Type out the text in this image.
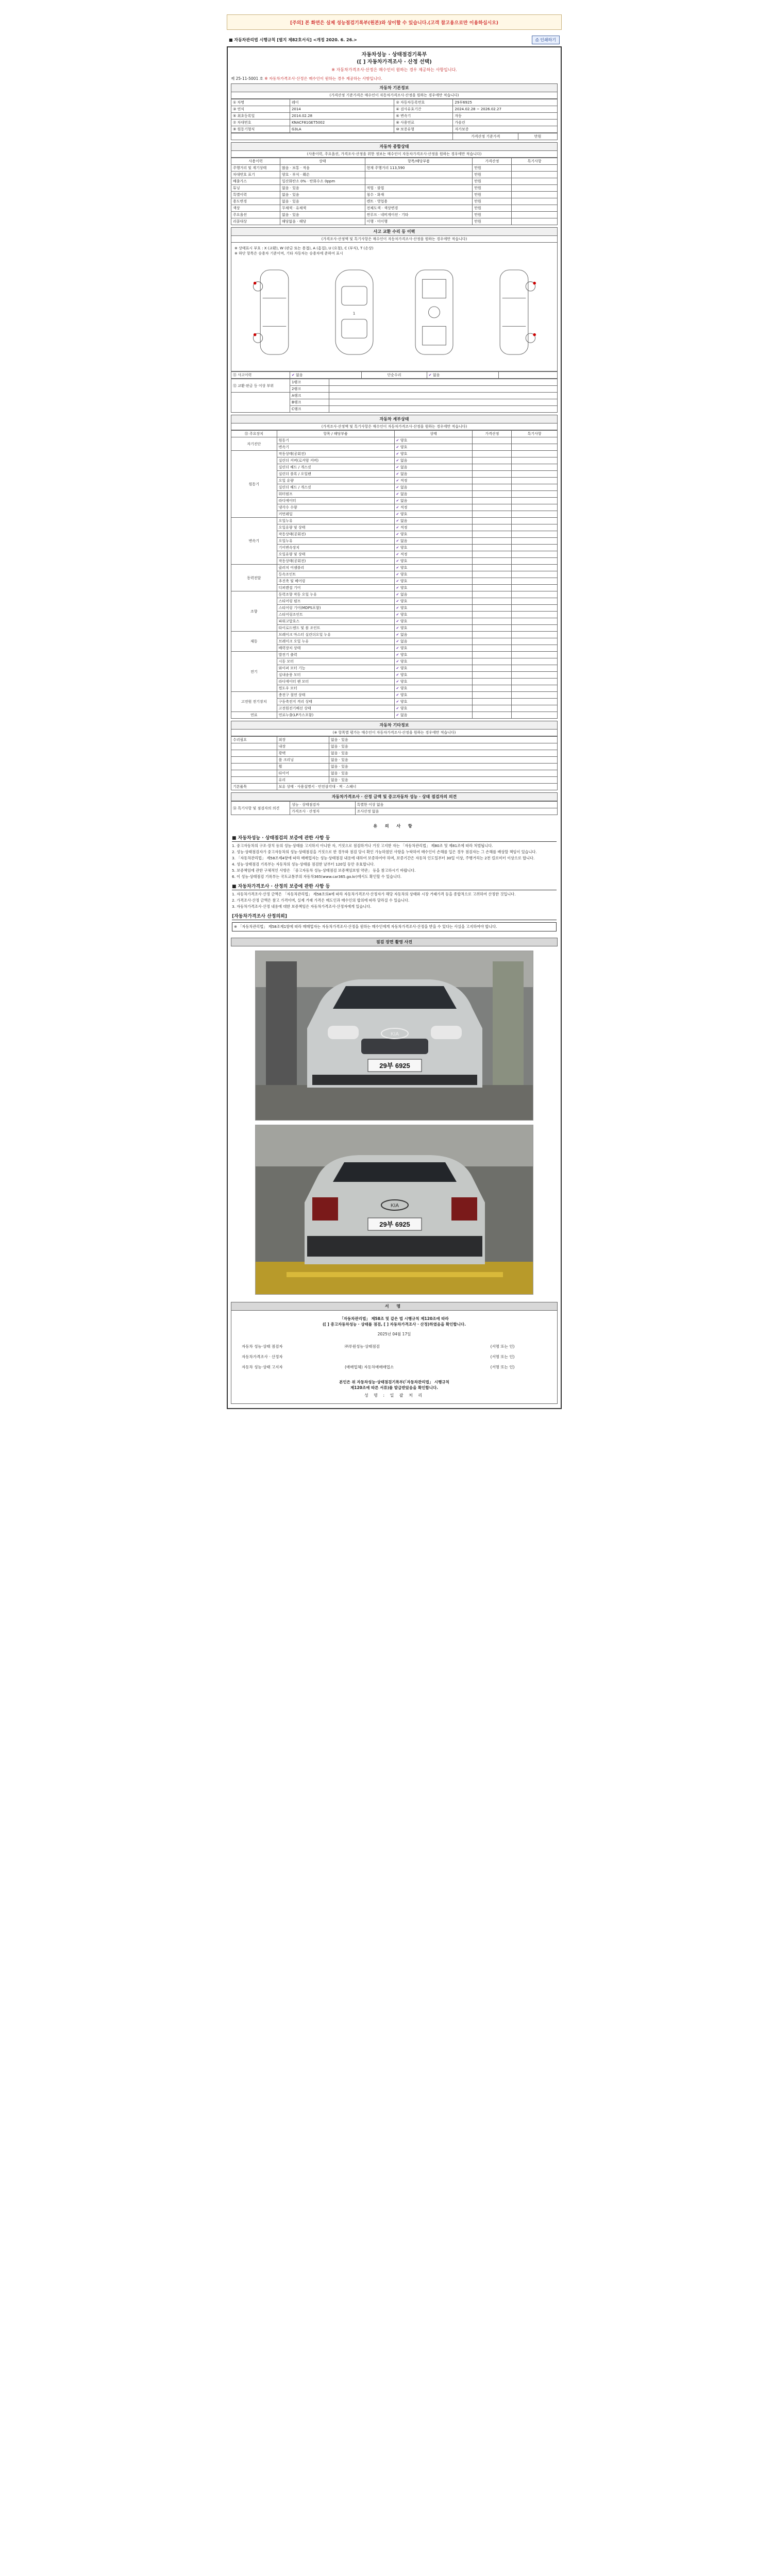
[주의] 본 화면은 실제 성능점검기록부(원본)와 상이할 수 있습니다.(고객 참고용으로만 이용하십시오)
■ 자동차관리법 시행규칙 [별지 제82호서식] <개정 2020. 6. 26.>	⎙ 인쇄하기
자동차성능 · 상태점검기록부
([ ] 자동차가격조사 · 산정 선택)
※ 자동차가격조사·산정은 매수인이 원하는 경우 제공하는 사항입니다.
제 25-11-5001 호 ※ 자동차가격조사·산정은 매수인이 원하는 경우 제공하는 사항입니다.
자동차 기본정보
(가격산정 기준가격은 매수인이 자동차가격조사·산정을 원하는 경우에만 적습니다)
① 차명	레이	② 자동차등록번호	29부6925
③ 연식	2014	④ 검사유효기간	2024.02.28 ~ 2026.02.27
⑤ 최초등록일	2014.02.28	⑥ 변속기	자동
⑦ 차대번호	KNACF81GET5002	⑧ 사용연료	가솔린
⑨ 원동기형식	G3LA	⑩ 보증유형	자가보증
	가격산정 기준가격	만원
자동차 종합상태
(사용이력, 주요옵션, 가격조사·산정을 위한 정보는 매수인이 자동차가격조사·산정을 원하는 경우에만 적습니다)
사용이력	상태	항목/해당부품	가격산정	특기사항
주행거리 및 계기상태	많음 · 보통 · 적음	현재 주행거리 113,590	만원	
차대번호 표기	양호 · 부식 · 훼손		만원	
배출가스	일산화탄소 0% · 탄화수소 0ppm		만원	
튜닝	없음 · 있음	적법 · 불법	만원	
특별이력	없음 · 있음	침수 · 화재	만원	
용도변경	없음 · 있음	렌트 · 영업용	만원	
색상	무채색 · 유채색	전체도색 · 색상변경	만원	
주요옵션	없음 · 있음	썬루프 · 네비게이션 · 기타	만원	
리콜대상	해당없음 · 해당	이행 · 미이행	만원	
사고 교환 수리 등 이력
(가격조사·산정액 및 특기사항은 매수인이 자동차가격조사·산정을 원하는 경우에만 적습니다)
※ 상태표시 부호 : X (교환), W (판금 또는 용접), A (흠집), U (요철), C (부식), T (손상)
※ 하단 항목은 승용차 기준이며, 기타 자동차는 승용차에 준하여 표시
●
●
1
●
●
⑪ 사고이력	✔ 없음	단순수리	✔ 없음	
⑫ 교환·판금 등 이상 부위	1랭크	
	2랭크	
	A랭크	
	B랭크	
	C랭크	
자동차 세부상태
(가격조사·산정액 및 특기사항은 매수인이 자동차가격조사·산정을 원하는 경우에만 적습니다)
⑬ 주요장치	항목 / 해당부품	상태	가격산정	특기사항
자기진단	원동기	✔ 양호		
	변속기	✔ 양호		
원동기	작동상태(공회전)	✔ 양호		
	실린더 커버(로커암 커버)	✔ 없음		
	실린더 헤드 / 개스킷	✔ 없음		
	실린더 블록 / 오일팬	✔ 없음		
	오일 유량	✔ 적정		
	실린더 헤드 / 개스킷	✔ 없음		
	워터펌프	✔ 없음		
	라디에이터	✔ 없음		
	냉각수 수량	✔ 적정		
	커먼레일	✔ 양호		
변속기	오일누유	✔ 없음		
	오일유량 및 상태	✔ 적정		
	작동상태(공회전)	✔ 양호		
	오일누유	✔ 없음		
	기어변속장치	✔ 양호		
	오일유량 및 상태	✔ 적정		
	작동상태(공회전)	✔ 양호		
동력전달	클러치 어셈블리	✔ 양호		
	등속조인트	✔ 양호		
	추진축 및 베어링	✔ 양호		
	디퍼렌셜 기어	✔ 양호		
조향	동력조향 작동 오일 누유	✔ 없음		
	스티어링 펌프	✔ 양호		
	스티어링 기어(MDPS포함)	✔ 양호		
	스티어링조인트	✔ 양호		
	파워고압호스	✔ 양호		
	타이로드엔드 및 볼 조인트	✔ 양호		
제동	브레이크 마스터 실린더오일 누유	✔ 없음		
	브레이크 오일 누유	✔ 없음		
	배력장치 상태	✔ 양호		
전기	발전기 출력	✔ 양호		
	시동 모터	✔ 양호		
	와이퍼 모터 기능	✔ 양호		
	실내송풍 모터	✔ 양호		
	라디에이터 팬 모터	✔ 양호		
	윈도우 모터	✔ 양호		
고전원 전기장치	충전구 절연 상태	✔ 양호		
	구동축전지 격리 상태	✔ 양호		
	고전원전기배선 상태	✔ 양호		
연료	연료누출(LP가스포함)	✔ 없음		
자동차 기타정보
(※ 항목별 평가는 매수인이 자동차가격조사·산정을 원하는 경우에만 적습니다)
수리필요	외장	없음 · 있음
	내장	없음 · 있음
	광택	없음 · 있음
	룸 크리닝	없음 · 있음
	휠	없음 · 있음
	타이어	없음 · 있음
	유리	없음 · 있음
기본품목	보유 상태 · 사용설명서 · 안전삼각대 · 잭 · 스패너	
자동차가격조사 · 산정 금액 및 중고자동차 성능 · 상태 점검자의 의견
⑭ 특기사항 및 점검자의 의견	성능 · 상태점검자	특별한 이상 없음
	가격조사 · 산정자	조사산정 없음
유 의 사 항
■ 자동차성능 · 상태점검의 보증에 관한 사항 등
1. 중고자동차의 구조·장치 등의 성능·상태를 고지하지 아니한 자, 거짓으로 점검하거나 거짓 고지한 자는 「자동차관리법」 제80조 및 제81조에 따라 처벌됩니다.
2. 성능·상태점검자가 중고자동차의 성능·상태점검을 거짓으로 한 경우와 점검 당시 확인 가능하였던 사항을 누락하여 매수인이 손해를 입은 경우 점검자는 그 손해를 배상할 책임이 있습니다.
3. 「자동차관리법」 제58조제4항에 따라 매매업자는 성능·상태점검 내용에 대하여 보증하여야 하며, 보증기간은 자동차 인도일부터 30일 이상, 주행거리는 2천 킬로미터 이상으로 합니다.
4. 성능·상태점검 기록부는 자동차의 성능·상태를 점검한 날부터 120일 동안 유효합니다.
5. 보증책임에 관한 구체적인 사항은 「중고자동차 성능·상태점검 보증책임보험 약관」 등을 참고하시기 바랍니다.
6. 이 성능·상태점검 기록부는 국토교통부의 자동차365(www.car365.go.kr)에서도 확인할 수 있습니다.
■ 자동차가격조사 · 산정의 보증에 관한 사항 등
1. 자동차가격조사·산정 금액은 「자동차관리법」 제58조의4에 따라 자동차가격조사·산정자가 해당 자동차의 상태와 시장 거래가격 등을 종합적으로 고려하여 산정한 것입니다.
2. 가격조사·산정 금액은 참고 가격이며, 실제 거래 가격은 매도인과 매수인의 합의에 따라 달라질 수 있습니다.
3. 자동차가격조사·산정 내용에 대한 보증책임은 자동차가격조사·산정자에게 있습니다.
[자동차가격조사 산정의뢰]
※ 「자동차관리법」 제58조제1항에 따라 매매업자는 자동차가격조사·산정을 원하는 매수인에게 자동차가격조사·산정을 받을 수 있다는 사실을 고지하여야 합니다.
점검 장면 촬영 사진
KIA
29부 6925
KIA
29부 6925
서 명
「자동차관리법」 제58조 및 같은 법 시행규칙 제120조에 따라
([ ] 중고자동차성능 · 상태를 점검, [ ] 자동차가격조사 · 산정)하였음을 확인합니다.
2025년 04월 17일
자동차 성능·상태 점검자	㈜루원성능·상태점검	(서명 또는 인)
자동차가격조사 · 산정자	(서명 또는 인)
자동차 성능·상태 고지자	(매매업체) 자동차매매매업소	(서명 또는 인)
본인은 위 자동차성능·상태점검기록부(「자동차관리법」 시행규칙
제120조에 따른 서류)를 발급받았음을 확인합니다.
성 명 : 일 괄 처 리
